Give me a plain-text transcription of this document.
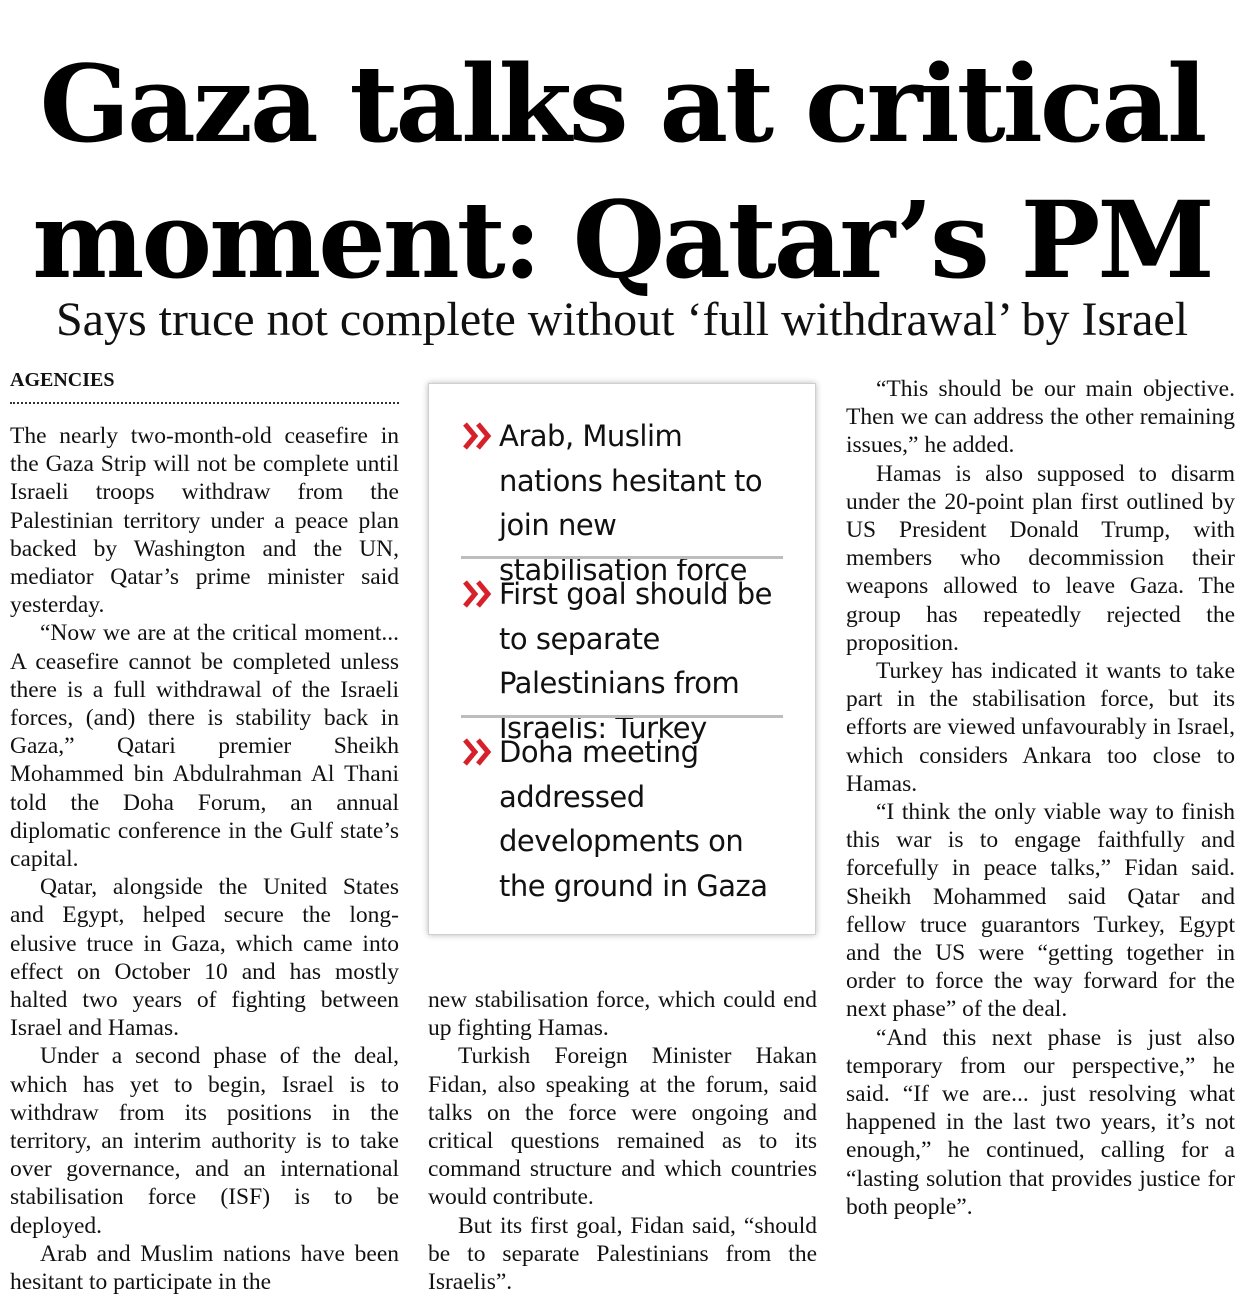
Gaza talks at critical
moment: Qatar’s PM
Says truce not complete without ‘full withdrawal’ by Israel
AGENCIES

The nearly two-month-old ceasefire in the Gaza Strip will not be complete until Israeli troops withdraw from the Palestinian territory under a peace plan backed by Washington and the UN, mediator Qatar’s prime minister said yesterday.

“Now we are at the critical moment... A ceasefire cannot be completed unless there is a full withdrawal of the Israeli forces, (and) there is stability back in Gaza,” Qatari premier Sheikh Mohammed bin Abdulrahman Al Thani told the Doha Forum, an annual diplomatic conference in the Gulf state’s capital.

Qatar, alongside the United States and Egypt, helped secure the long-elusive truce in Gaza, which came into effect on October 10 and has mostly halted two years of fighting between Israel and Hamas.

Under a second phase of the deal, which has yet to begin, Israel is to withdraw from its positions in the territory, an interim authority is to take over governance, and an international stabilisation force (ISF) is to be deployed.

Arab and Muslim nations have been hesitant to participate in the

Arab, Muslim nations hesitant to join new stabilisation force
First goal should be to separate Palestinians from Israelis: Turkey
Doha meeting addressed developments on the ground in Gaza

new stabilisation force, which could end up fighting Hamas.

Turkish Foreign Minister Hakan Fidan, also speaking at the forum, said talks on the force were ongoing and critical questions remained as to its command structure and which countries would contribute.

But its first goal, Fidan said, “should be to separate Palestinians from the Israelis”.

“This should be our main objective. Then we can address the other remaining issues,” he added.

Hamas is also supposed to disarm under the 20-point plan first outlined by US President Donald Trump, with members who decommission their weapons allowed to leave Gaza. The group has repeatedly rejected the proposition.

Turkey has indicated it wants to take part in the stabilisation force, but its efforts are viewed unfavourably in Israel, which considers Ankara too close to Hamas.

“I think the only viable way to finish this war is to engage faithfully and forcefully in peace talks,” Fidan said. Sheikh Mohammed said Qatar and fellow truce guarantors Turkey, Egypt and the US were “getting together in order to force the way forward for the next phase” of the deal.

“And this next phase is just also temporary from our perspective,” he said. “If we are... just resolving what happened in the last two years, it’s not enough,” he continued, calling for a “lasting solution that provides justice for both people”.
